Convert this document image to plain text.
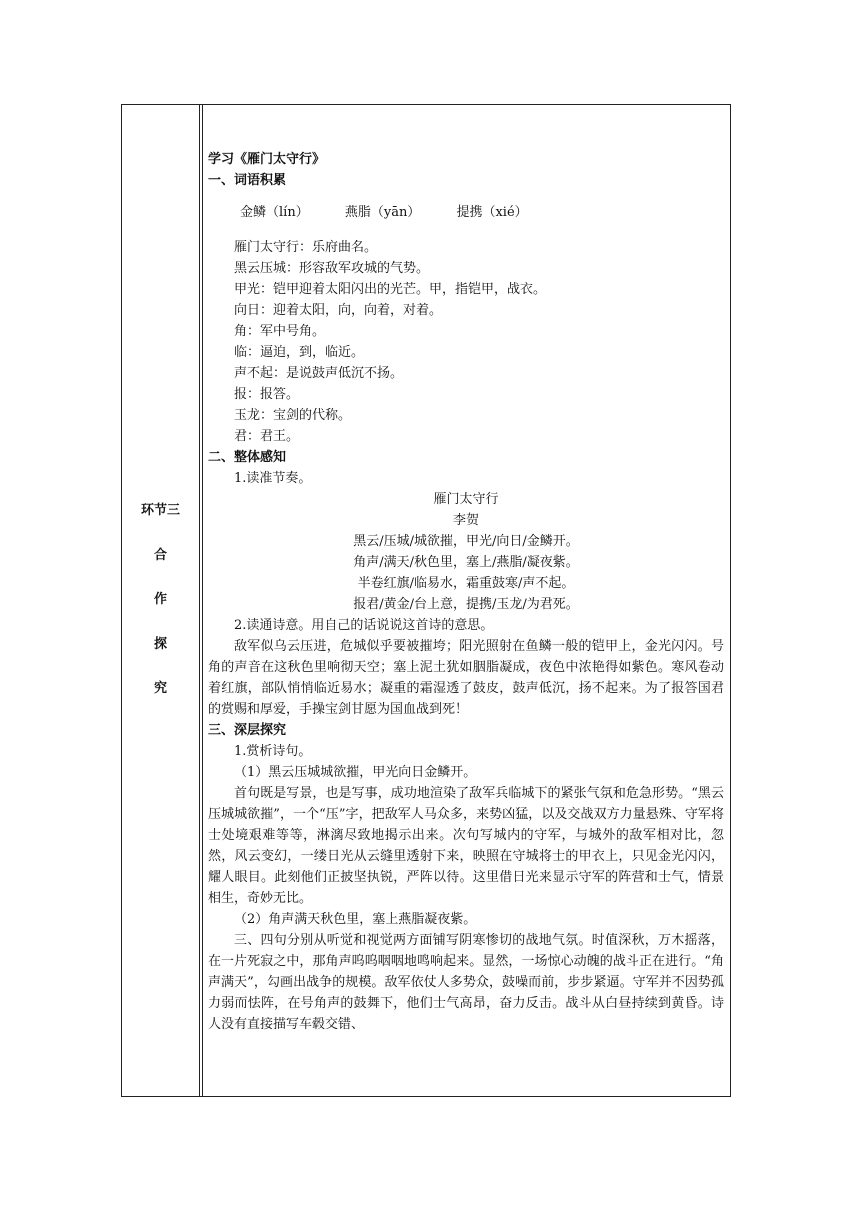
环节三
合
作
探
究

学习《雁门太守行》

一、词语积累

金鳞（lín）	燕脂（yān）	提携（xié）

雁门太守行：乐府曲名。

黑云压城：形容敌军攻城的气势。

甲光：铠甲迎着太阳闪出的光芒。甲，指铠甲，战衣。

向日：迎着太阳，向，向着，对着。

角：军中号角。

临：逼迫，到，临近。

声不起：是说鼓声低沉不扬。

报：报答。

玉龙：宝剑的代称。

君：君王。

二、整体感知

1.读准节奏。

雁门太守行

李贺

黑云/压城/城欲摧，甲光/向日/金鳞开。

角声/满天/秋色里，塞上/燕脂/凝夜紫。

半卷红旗/临易水，霜重鼓寒/声不起。

报君/黄金/台上意，提携/玉龙/为君死。

2.读通诗意。用自己的话说说这首诗的意思。

敌军似乌云压进，危城似乎要被摧垮；阳光照射在鱼鳞一般的铠甲上，金光闪闪。号角的声音在这秋色里响彻天空；塞上泥土犹如胭脂凝成，夜色中浓艳得如紫色。寒风卷动着红旗，部队悄悄临近易水；凝重的霜湿透了鼓皮，鼓声低沉，扬不起来。为了报答国君的赏赐和厚爱，手操宝剑甘愿为国血战到死！

三、深层探究

1.赏析诗句。

（1）黑云压城城欲摧，甲光向日金鳞开。

首句既是写景，也是写事，成功地渲染了敌军兵临城下的紧张气氛和危急形势。“黑云压城城欲摧”，一个“压”字，把敌军人马众多，来势凶猛，以及交战双方力量悬殊、守军将士处境艰难等等，淋漓尽致地揭示出来。次句写城内的守军，与城外的敌军相对比，忽然，风云变幻，一缕日光从云缝里透射下来，映照在守城将士的甲衣上，只见金光闪闪，耀人眼目。此刻他们正披坚执锐，严阵以待。这里借日光来显示守军的阵营和士气，情景相生，奇妙无比。

（2）角声满天秋色里，塞上燕脂凝夜紫。

三、四句分别从听觉和视觉两方面铺写阴寒惨切的战地气氛。时值深秋，万木摇落，在一片死寂之中，那角声呜呜咽咽地鸣响起来。显然，一场惊心动魄的战斗正在进行。“角声满天”，勾画出战争的规模。敌军依仗人多势众，鼓噪而前，步步紧逼。守军并不因势孤力弱而怯阵，在号角声的鼓舞下，他们士气高昂，奋力反击。战斗从白昼持续到黄昏。诗人没有直接描写车毂交错、
